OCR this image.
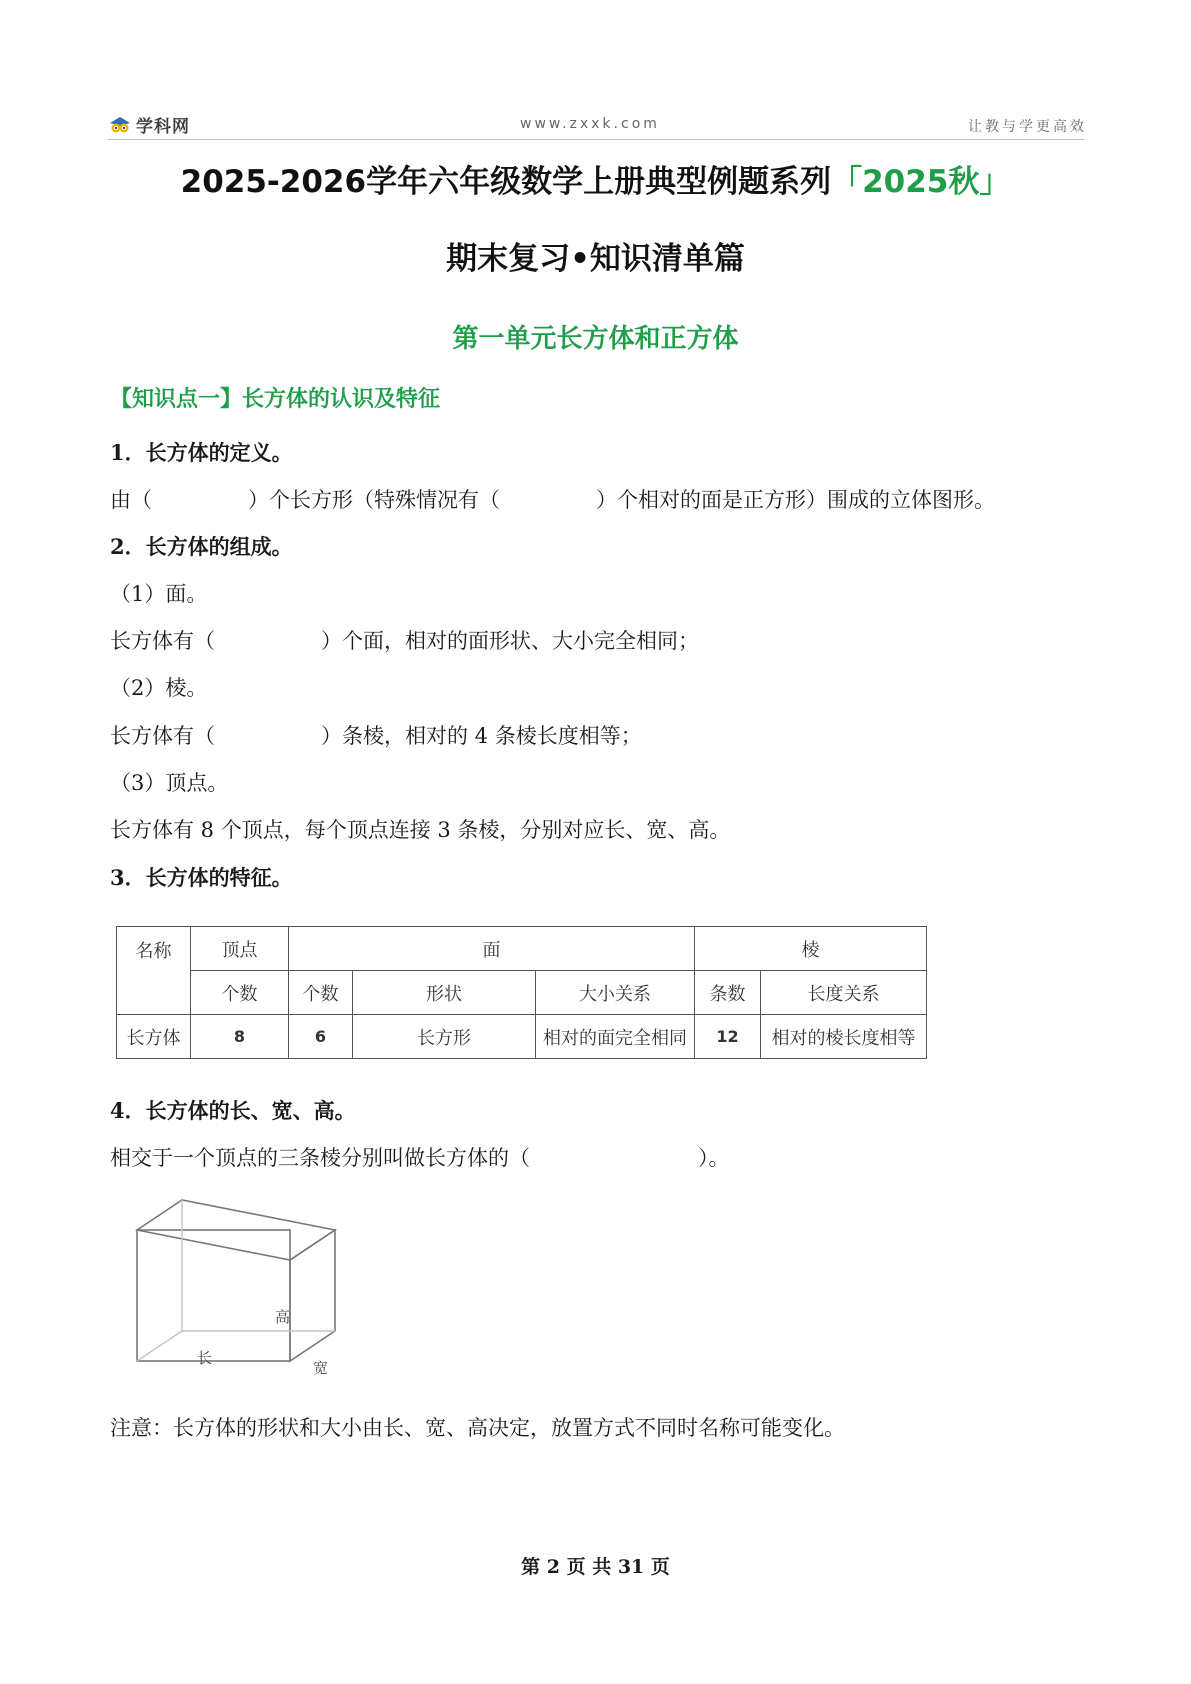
学科网	www.zxxk.com	让教与学更高效
2025-2026学年六年级数学上册典型例题系列「2025秋」
期末复习•知识清单篇
第一单元长方体和正方体
【知识点一】长方体的认识及特征
1．长方体的定义。
由（	）个长方形（特殊情况有（	）个相对的面是正方形）围成的立体图形。
2．长方体的组成。
（1）面。
长方体有（	）个面，相对的面形状、大小完全相同；
（2）棱。
长方体有（	）条棱，相对的 4 条棱长度相等；
（3）顶点。
长方体有 8 个顶点，每个顶点连接 3 条棱，分别对应长、宽、高。
3．长方体的特征。
名称	顶点	面			棱	
	个数	个数	形状	大小关系	条数	长度关系
长方体	8	6	长方形	相对的面完全相同	12	相对的棱长度相等
4．长方体的长、宽、高。
相交于一个顶点的三条棱分别叫做长方体的（	）。
高
长
宽
注意：长方体的形状和大小由长、宽、高决定，放置方式不同时名称可能变化。
第 2 页 共 31 页
